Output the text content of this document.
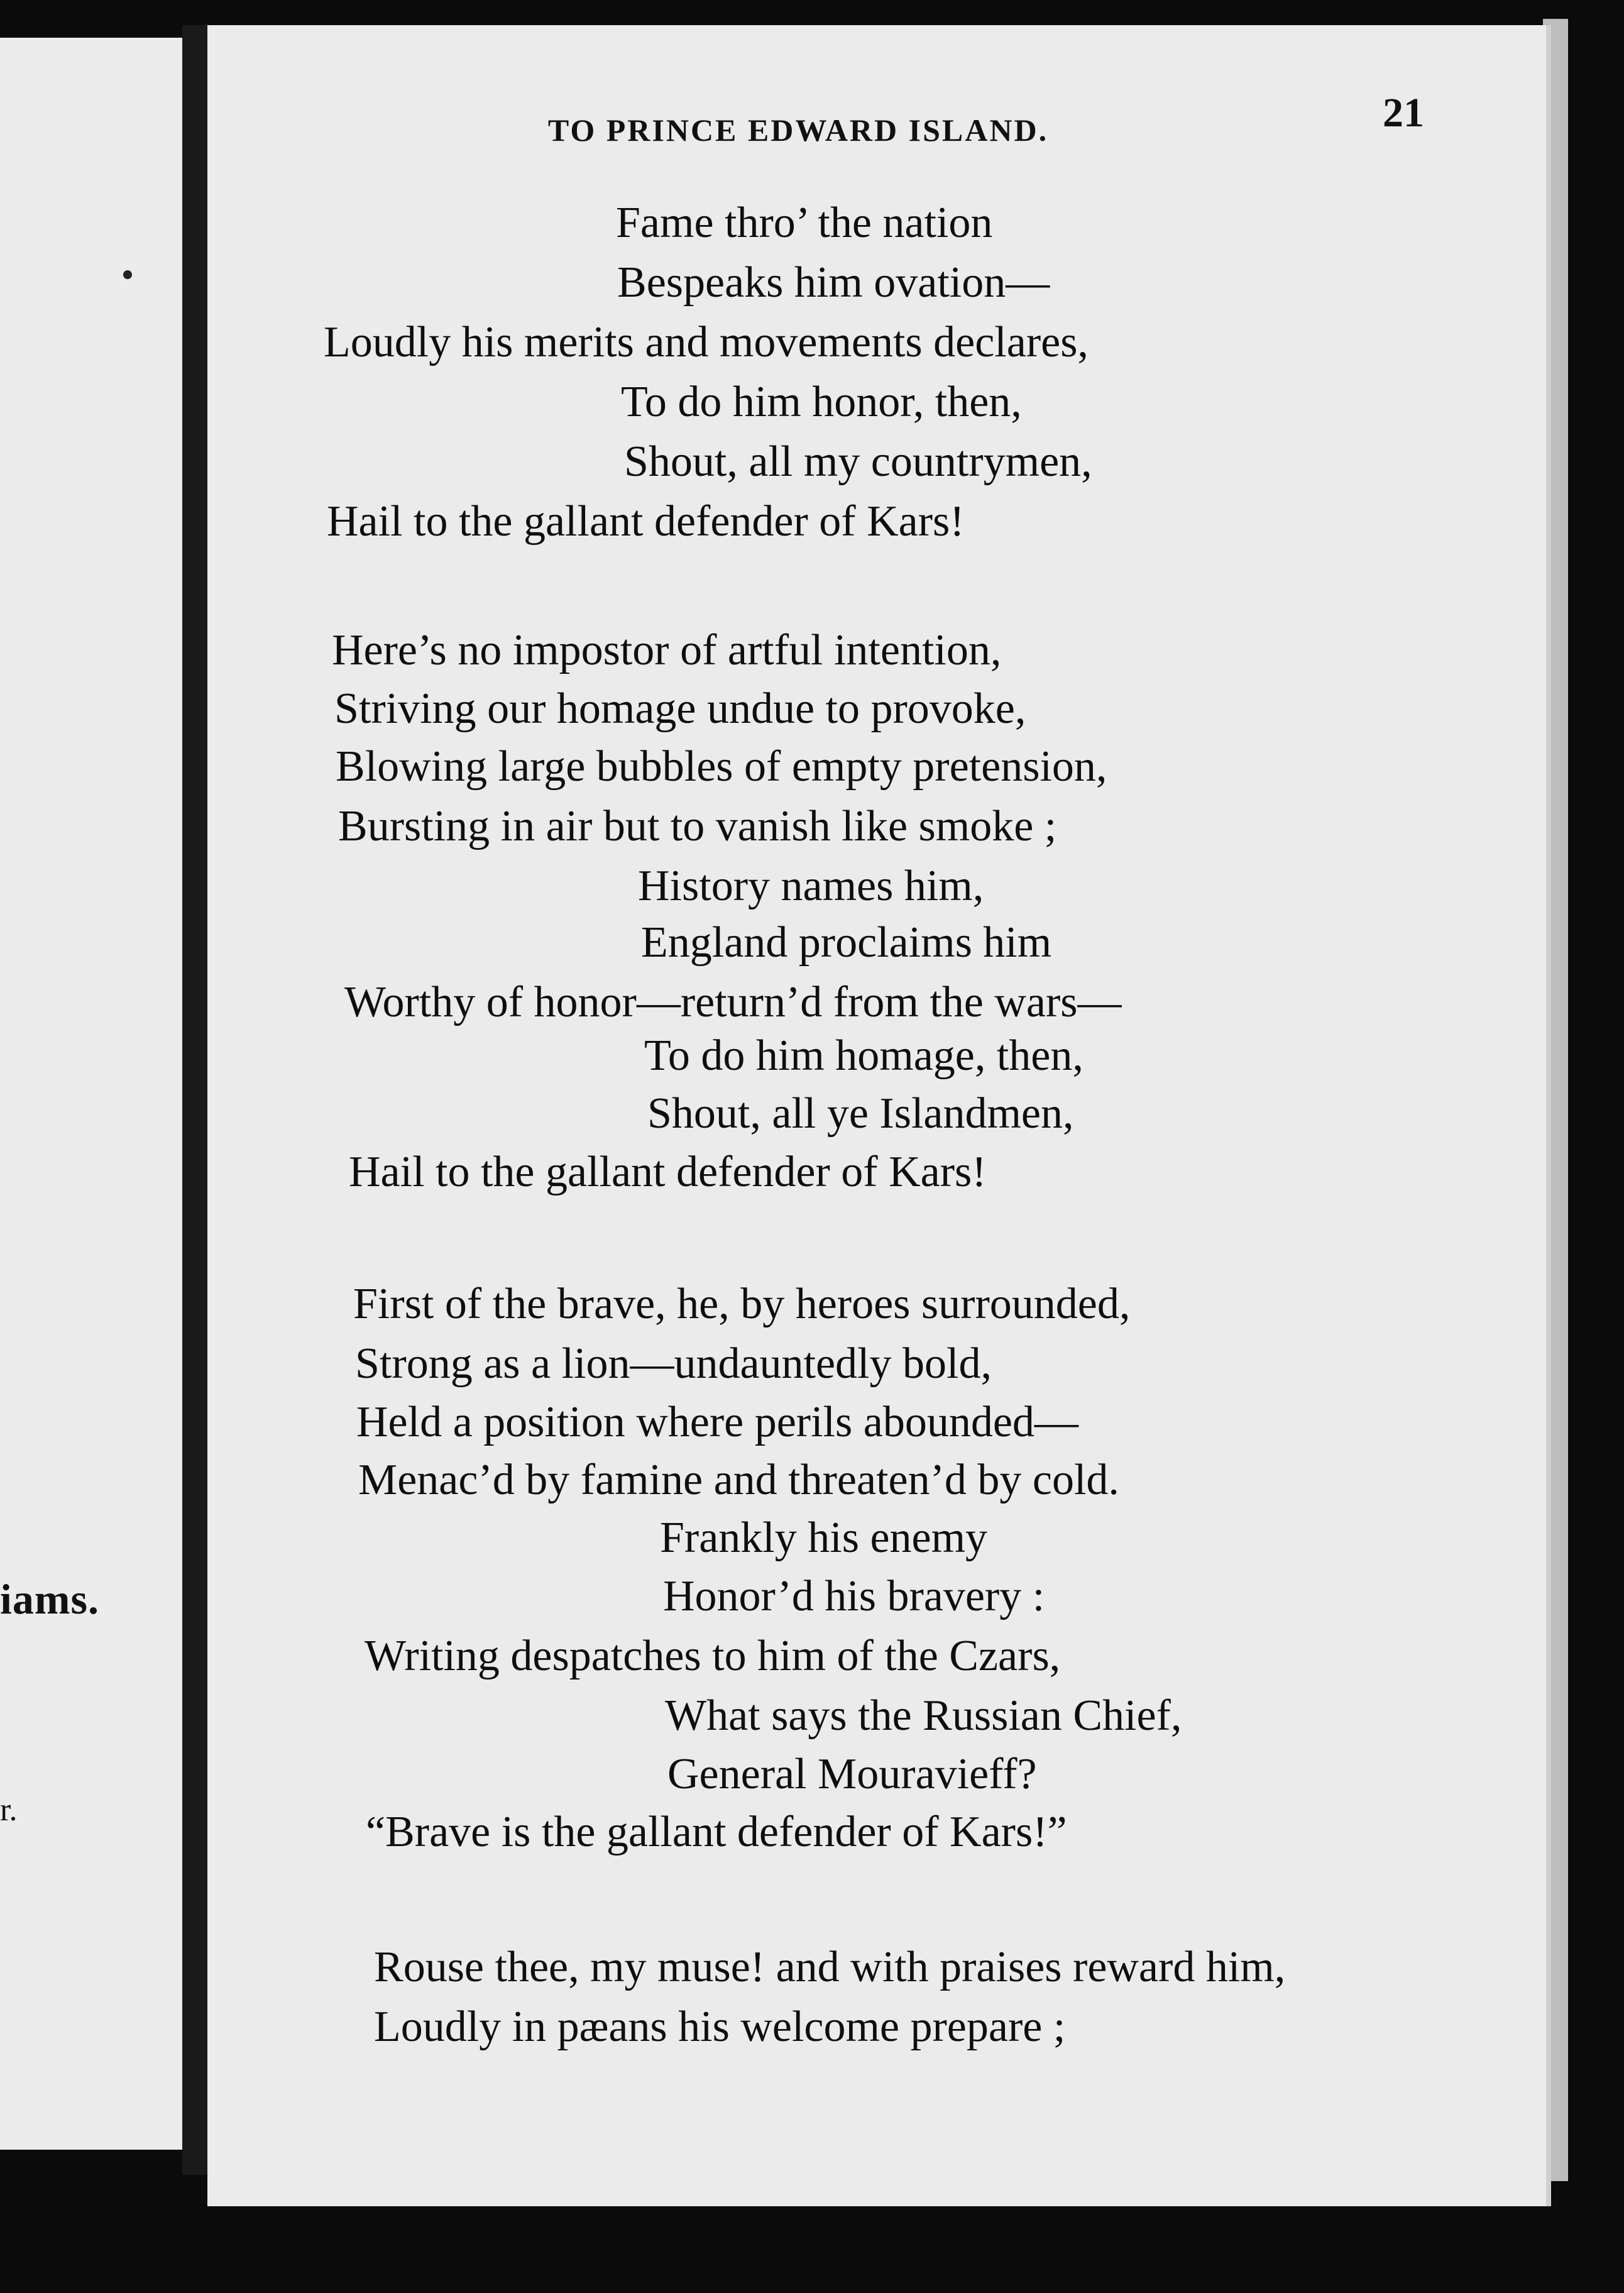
iams.
r.
TO PRINCE EDWARD ISLAND.	21
Fame thro’ the nation
Bespeaks him ovation—
Loudly his merits and movements declares,
To do him honor, then,
Shout, all my countrymen,
Hail to the gallant defender of Kars!
Here’s no impostor of artful intention,
Striving our homage undue to provoke,
Blowing large bubbles of empty pretension,
Bursting in air but to vanish like smoke ;
History names him,
England proclaims him
Worthy of honor—return’d from the wars—
To do him homage, then,
Shout, all ye Islandmen,
Hail to the gallant defender of Kars!
First of the brave, he, by heroes surrounded,
Strong as a lion—undauntedly bold,
Held a position where perils abounded—
Menac’d by famine and threaten’d by cold.
Frankly his enemy
Honor’d his bravery :
Writing despatches to him of the Czars,
What says the Russian Chief,
General Mouravieff?
“Brave is the gallant defender of Kars!”
Rouse thee, my muse! and with praises reward him,
Loudly in pæans his welcome prepare ;
